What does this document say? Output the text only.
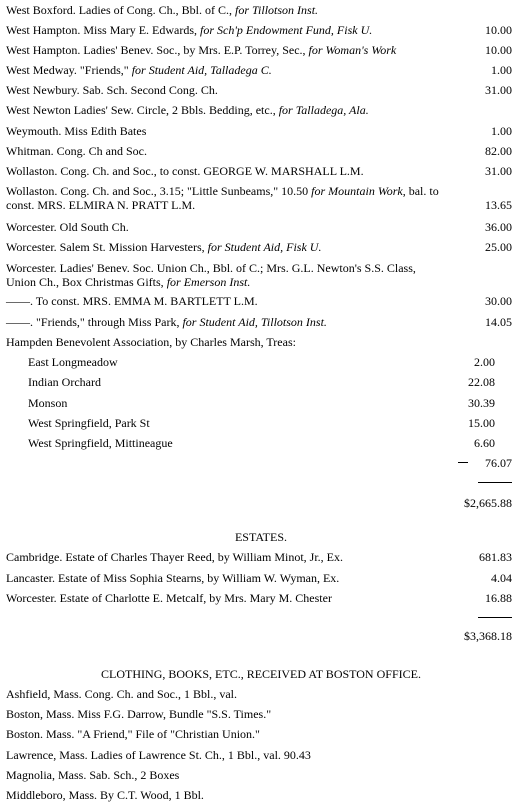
West Boxford. Ladies of Cong. Ch., Bbl. of C., for Tillotson Inst.
West Hampton. Miss Mary E. Edwards, for Sch'p Endowment Fund, Fisk U.	10.00
West Hampton. Ladies' Benev. Soc., by Mrs. E.P. Torrey, Sec., for Woman's Work	10.00
West Medway. "Friends," for Student Aid, Talladega C.	1.00
West Newbury. Sab. Sch. Second Cong. Ch.	31.00
West Newton Ladies' Sew. Circle, 2 Bbls. Bedding, etc., for Talladega, Ala.
Weymouth. Miss Edith Bates	1.00
Whitman. Cong. Ch and Soc.	82.00
Wollaston. Cong. Ch. and Soc., to const. GEORGE W. MARSHALL L.M.	31.00
Wollaston. Cong. Ch. and Soc., 3.15; "Little Sunbeams," 10.50 for Mountain Work, bal. to
const. MRS. ELMIRA N. PRATT L.M.	13.65
Worcester. Old South Ch.	36.00
Worcester. Salem St. Mission Harvesters, for Student Aid, Fisk U.	25.00
Worcester. Ladies' Benev. Soc. Union Ch., Bbl. of C.; Mrs. G.L. Newton's S.S. Class,
Union Ch., Box Christmas Gifts, for Emerson Inst.
——. To const. MRS. EMMA M. BARTLETT L.M.	30.00
——. "Friends," through Miss Park, for Student Aid, Tillotson Inst.	14.05
Hampden Benevolent Association, by Charles Marsh, Treas:
East Longmeadow	2.00
Indian Orchard	22.08
Monson	30.39
West Springfield, Park St	15.00
West Springfield, Mittineague	6.60
76.07
$2,665.88
ESTATES.
Cambridge. Estate of Charles Thayer Reed, by William Minot, Jr., Ex.	681.83
Lancaster. Estate of Miss Sophia Stearns, by William W. Wyman, Ex.	4.04
Worcester. Estate of Charlotte E. Metcalf, by Mrs. Mary M. Chester	16.88
$3,368.18
CLOTHING, BOOKS, ETC., RECEIVED AT BOSTON OFFICE.
Ashfield, Mass. Cong. Ch. and Soc., 1 Bbl., val.
Boston, Mass. Miss F.G. Darrow, Bundle "S.S. Times."
Boston. Mass. "A Friend," File of "Christian Union."
Lawrence, Mass. Ladies of Lawrence St. Ch., 1 Bbl., val. 90.43
Magnolia, Mass. Sab. Sch., 2 Boxes
Middleboro, Mass. By C.T. Wood, 1 Bbl.
